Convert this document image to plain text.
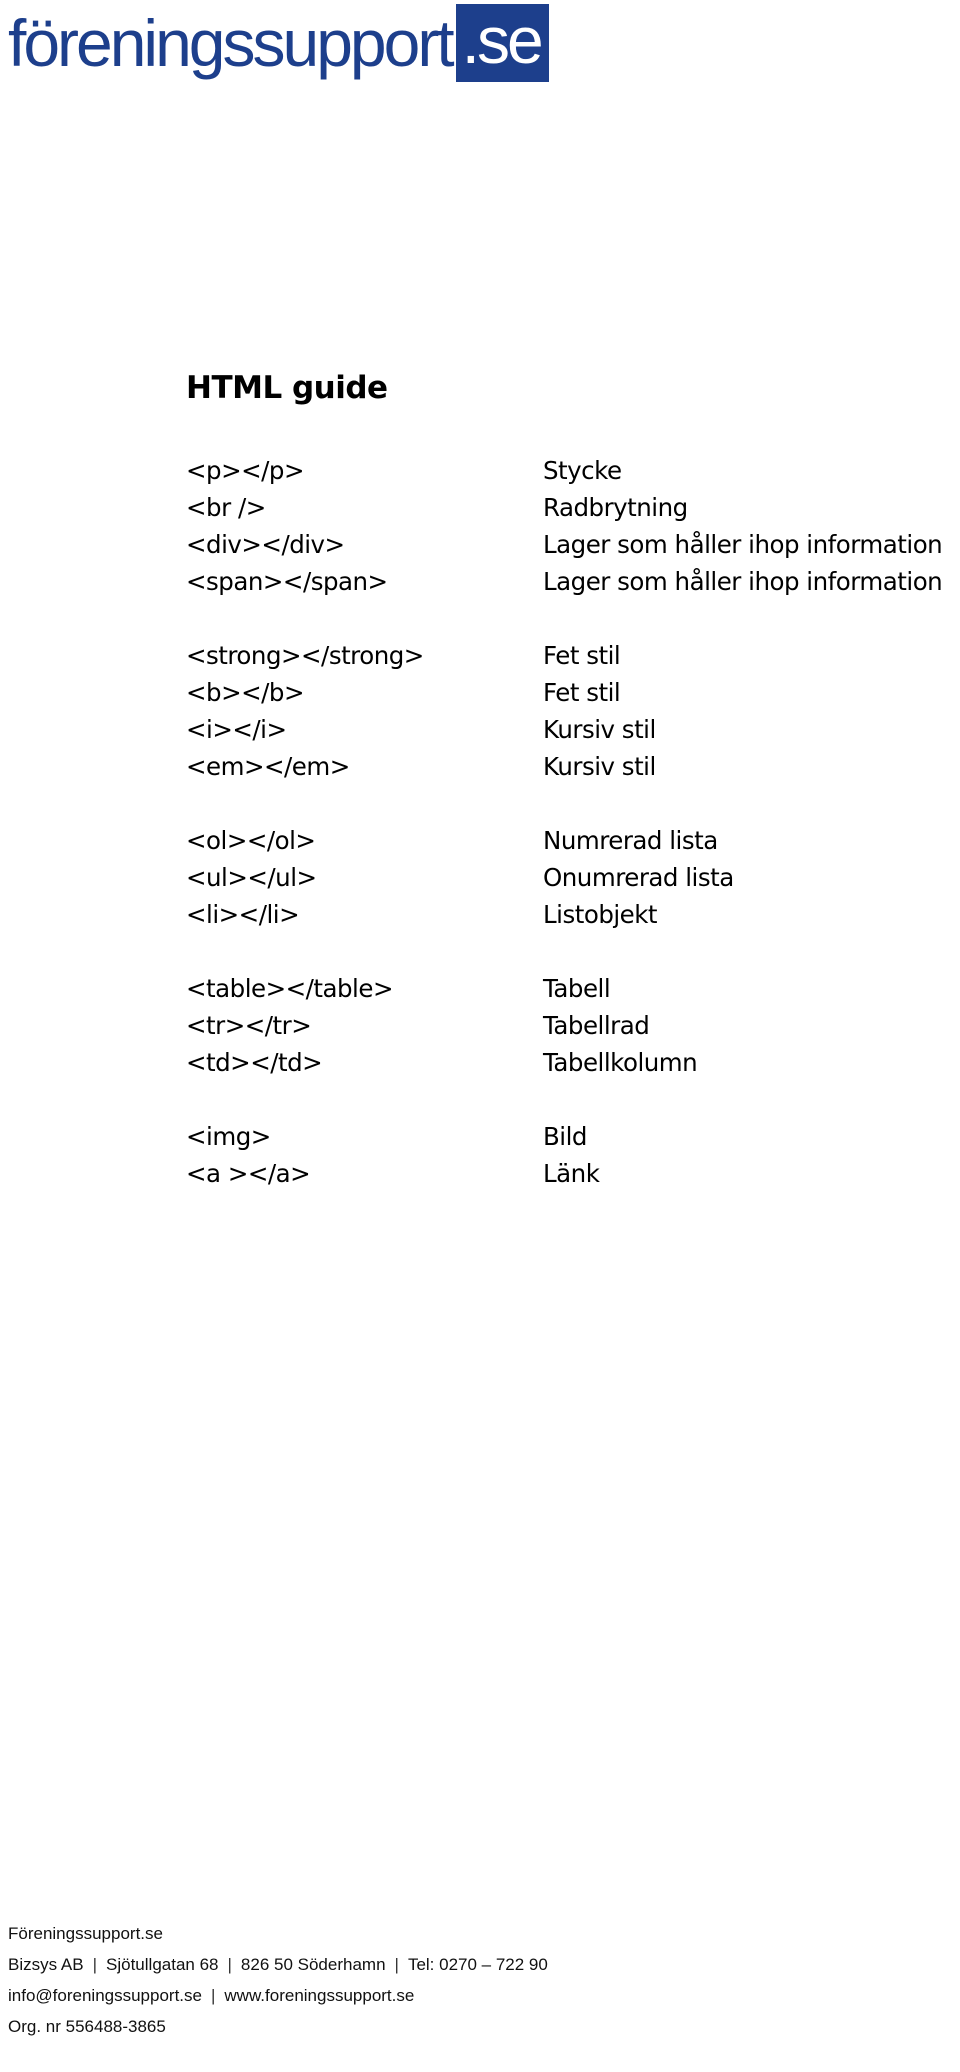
föreningssupport .se
HTML guide
<p></p>	Stycke
<br />	Radbrytning
<div></div>	Lager som håller ihop information
<span></span>	Lager som håller ihop information
<strong></strong>	Fet stil
<b></b>	Fet stil
<i></i>	Kursiv stil
<em></em>	Kursiv stil
<ol></ol>	Numrerad lista
<ul></ul>	Onumrerad lista
<li></li>	Listobjekt
<table></table>	Tabell
<tr></tr>	Tabellrad
<td></td>	Tabellkolumn
<img>	Bild
<a ></a>	Länk
Föreningssupport.se
Bizsys AB | Sjötullgatan 68 | 826 50 Söderhamn | Tel: 0270 – 722 90
info@foreningssupport.se | www.foreningssupport.se
Org. nr 556488-3865
